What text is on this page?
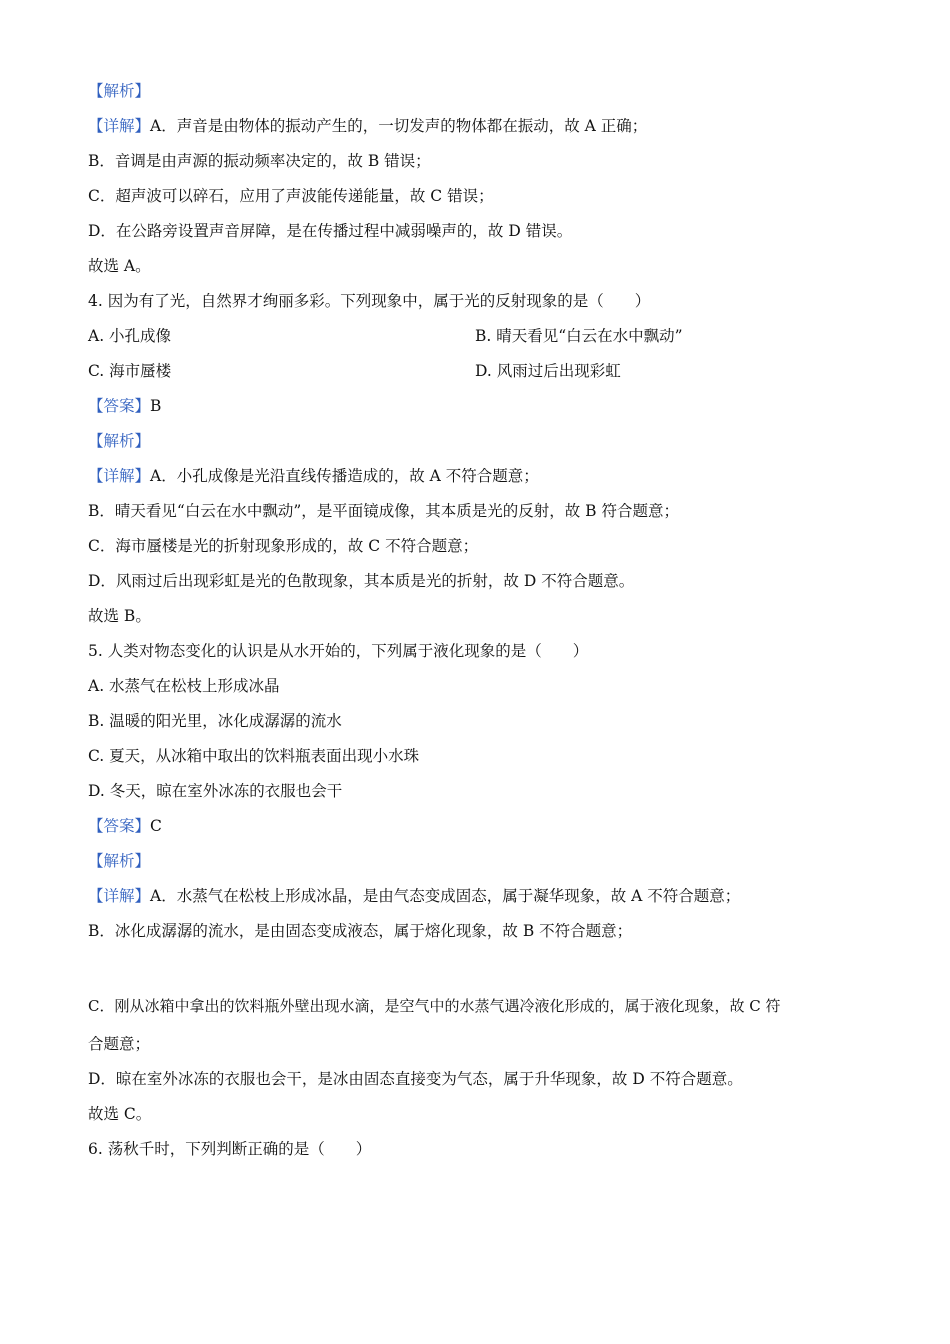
【解析】
【详解】A．声音是由物体的振动产生的，一切发声的物体都在振动，故 A 正确；
B．音调是由声源的振动频率决定的，故 B 错误；
C．超声波可以碎石，应用了声波能传递能量，故 C 错误；
D．在公路旁设置声音屏障，是在传播过程中减弱噪声的，故 D 错误。
故选 A。
4. 因为有了光，自然界才绚丽多彩。下列现象中，属于光的反射现象的是（　　）
A. 小孔成像	B. 晴天看见“白云在水中飘动”
C. 海市蜃楼	D. 风雨过后出现彩虹
【答案】B
【解析】
【详解】A．小孔成像是光沿直线传播造成的，故 A 不符合题意；
B．晴天看见“白云在水中飘动”，是平面镜成像，其本质是光的反射，故 B 符合题意；
C．海市蜃楼是光的折射现象形成的，故 C 不符合题意；
D．风雨过后出现彩虹是光的色散现象，其本质是光的折射，故 D 不符合题意。
故选 B。
5. 人类对物态变化的认识是从水开始的，下列属于液化现象的是（　　）
A. 水蒸气在松枝上形成冰晶
B. 温暖的阳光里，冰化成潺潺的流水
C. 夏天，从冰箱中取出的饮料瓶表面出现小水珠
D. 冬天，晾在室外冰冻的衣服也会干
【答案】C
【解析】
【详解】A．水蒸气在松枝上形成冰晶，是由气态变成固态，属于凝华现象，故 A 不符合题意；
B．冰化成潺潺的流水，是由固态变成液态，属于熔化现象，故 B 不符合题意；
C．刚从冰箱中拿出的饮料瓶外壁出现水滴，是空气中的水蒸气遇冷液化形成的，属于液化现象，故 C 符
合题意；
D．晾在室外冰冻的衣服也会干，是冰由固态直接变为气态，属于升华现象，故 D 不符合题意。
故选 C。
6. 荡秋千时，下列判断正确的是（　　）
